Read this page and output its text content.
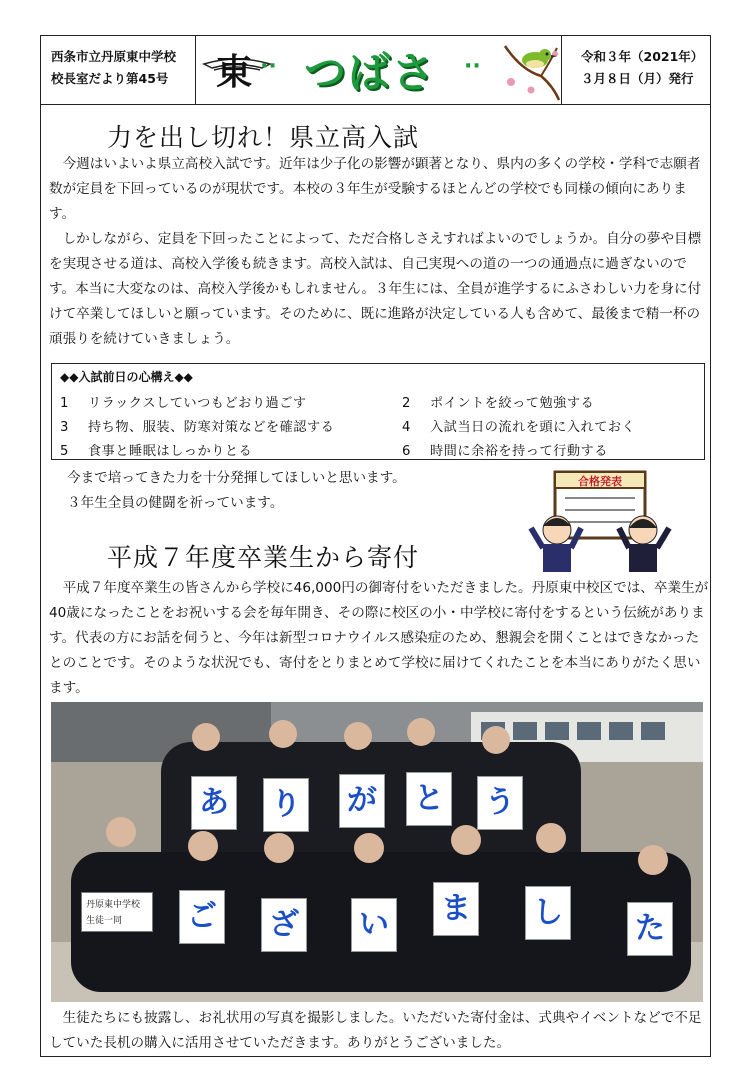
西条市立丹原東中学校
校長室だより第45号	東 ·· つばさ ··	令和３年（2021年）
３月８日（月）発行
力を出し切れ！県立高入試

今週はいよいよ県立高校入試です。近年は少子化の影響が顕著となり、県内の多くの学校・学科で志願者数が定員を下回っているのが現状です。本校の３年生が受験するほとんどの学校でも同様の傾向にあります。

しかしながら、定員を下回ったことによって、ただ合格しさえすればよいのでしょうか。自分の夢や目標を実現させる道は、高校入学後も続きます。高校入試は、自己実現への道の一つの通過点に過ぎないのです。本当に大変なのは、高校入学後かもしれません。３年生には、全員が進学するにふさわしい力を身に付けて卒業してほしいと願っています。そのために、既に進路が決定している人も含めて、最後まで精一杯の頑張りを続けていきましょう。

◆◆入試前日の心構え◆◆
1 リラックスしていつもどおり過ごす	2 ポイントを絞って勉強する
3 持ち物、服装、防寒対策などを確認する	4 入試当日の流れを頭に入れておく
5 食事と睡眠はしっかりとる	6 時間に余裕を持って行動する
今まで培ってきた力を十分発揮してほしいと思います。
３年生全員の健闘を祈っています。
合格発表
平成７年度卒業生から寄付

平成７年度卒業生の皆さんから学校に46,000円の御寄付をいただきました。丹原東中校区では、卒業生が40歳になったことをお祝いする会を毎年開き、その際に校区の小・中学校に寄付をするという伝統があります。代表の方にお話を伺うと、今年は新型コロナウイルス感染症のため、懇親会を開くことはできなかったとのことです。そのような状況でも、寄付をとりまとめて学校に届けてくれたことを本当にありがたく思います。

あ り が と う
ご ざ い ま し た
丹原東中学校
生徒一同

生徒たちにも披露し、お礼状用の写真を撮影しました。いただいた寄付金は、式典やイベントなどで不足していた長机の購入に活用させていただきます。ありがとうございました。
